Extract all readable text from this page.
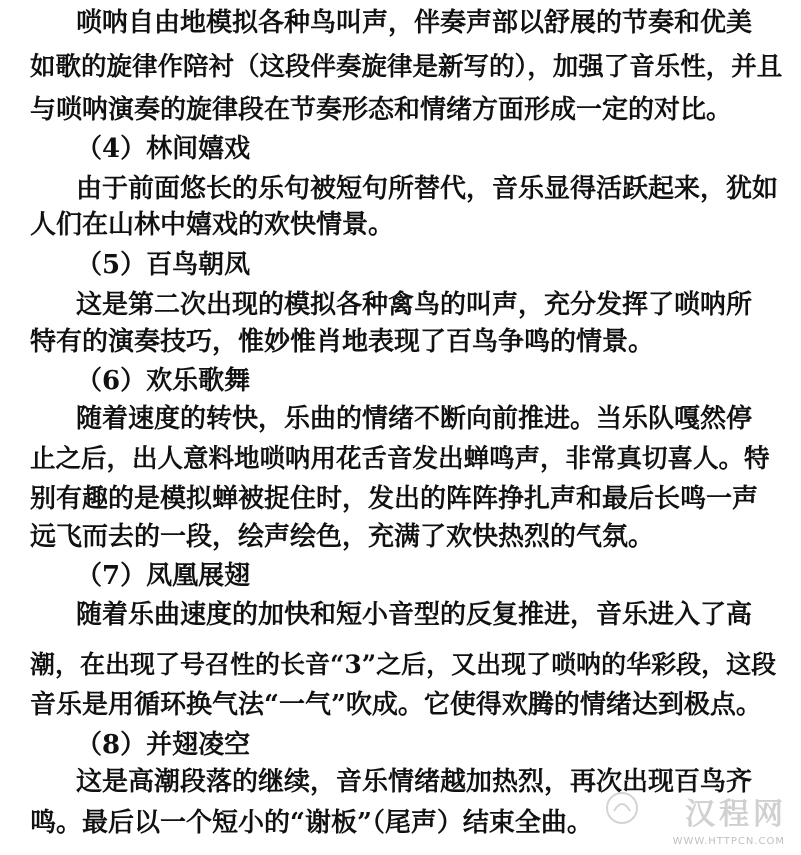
唢呐自由地模拟各种鸟叫声，伴奏声部以舒展的节奏和优美
如歌的旋律作陪衬（这段伴奏旋律是新写的），加强了音乐性，并且
与唢呐演奏的旋律段在节奏形态和情绪方面形成一定的对比。
（4）林间嬉戏
由于前面悠长的乐句被短句所替代，音乐显得活跃起来，犹如
人们在山林中嬉戏的欢快情景。
（5）百鸟朝凤
这是第二次出现的模拟各种禽鸟的叫声，充分发挥了唢呐所
特有的演奏技巧，惟妙惟肖地表现了百鸟争鸣的情景。
（6）欢乐歌舞
随着速度的转快，乐曲的情绪不断向前推进。当乐队嘎然停
止之后，出人意料地唢呐用花舌音发出蝉鸣声，非常真切喜人。特
别有趣的是模拟蝉被捉住时，发出的阵阵挣扎声和最后长鸣一声
远飞而去的一段，绘声绘色，充满了欢快热烈的气氛。
（7）凤凰展翅
随着乐曲速度的加快和短小音型的反复推进，音乐进入了高
潮，在出现了号召性的长音“3”之后，又出现了唢呐的华彩段，这段
音乐是用循环换气法“一气”吹成。它使得欢腾的情绪达到极点。
（8）并翅凌空
这是高潮段落的继续，音乐情绪越加热烈，再次出现百鸟齐
鸣。最后以一个短小的“谢板”（尾声）结束全曲。	汉程网
WWW.HTTPCN.COM
